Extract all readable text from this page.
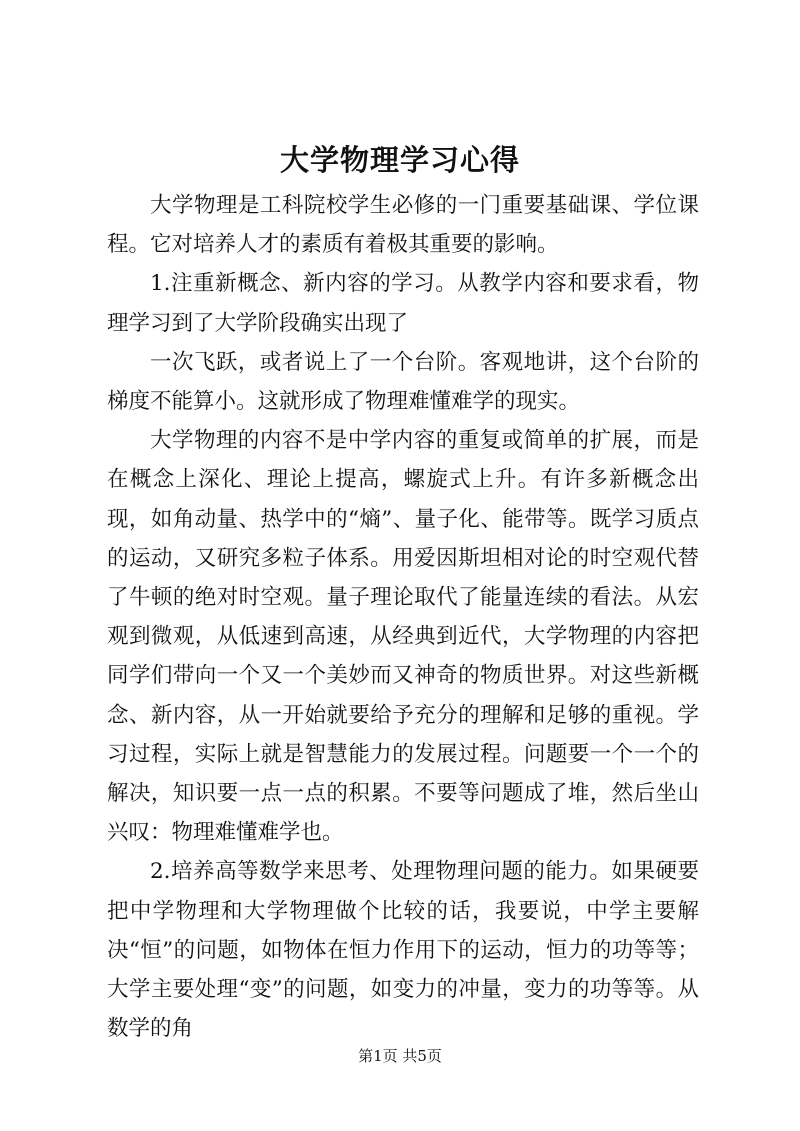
大学物理学习心得

大学物理是工科院校学生必修的一门重要基础课、学位课程。它对培养人才的素质有着极其重要的影响。

1.注重新概念、新内容的学习。从教学内容和要求看，物理学习到了大学阶段确实出现了

一次飞跃，或者说上了一个台阶。客观地讲，这个台阶的梯度不能算小。这就形成了物理难懂难学的现实。

大学物理的内容不是中学内容的重复或简单的扩展，而是在概念上深化、理论上提高，螺旋式上升。有许多新概念出现，如角动量、热学中的“熵”、量子化、能带等。既学习质点的运动，又研究多粒子体系。用爱因斯坦相对论的时空观代替了牛顿的绝对时空观。量子理论取代了能量连续的看法。从宏观到微观，从低速到高速，从经典到近代，大学物理的内容把同学们带向一个又一个美妙而又神奇的物质世界。对这些新概念、新内容，从一开始就要给予充分的理解和足够的重视。学习过程，实际上就是智慧能力的发展过程。问题要一个一个的解决，知识要一点一点的积累。不要等问题成了堆，然后坐山兴叹：物理难懂难学也。

2.培养高等数学来思考、处理物理问题的能力。如果硬要把中学物理和大学物理做个比较的话，我要说，中学主要解决“恒”的问题，如物体在恒力作用下的运动，恒力的功等等；大学主要处理“变”的问题，如变力的冲量，变力的功等等。从数学的角

第1页 共5页
